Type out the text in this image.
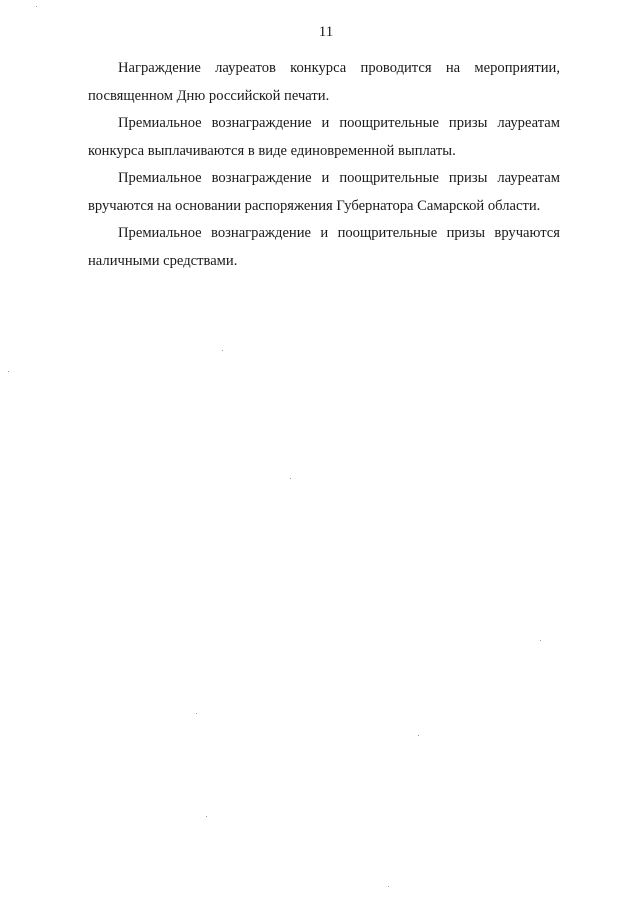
11

Награждение лауреатов конкурса проводится на мероприятии, посвященном Дню российской печати.

Премиальное вознаграждение и поощрительные призы лауреатам конкурса выплачиваются в виде единовременной выплаты.

Премиальное вознаграждение и поощрительные призы лауреатам вручаются на основании распоряжения Губернатора Самарской области.

Премиальное вознаграждение и поощрительные призы вручаются наличными средствами.
